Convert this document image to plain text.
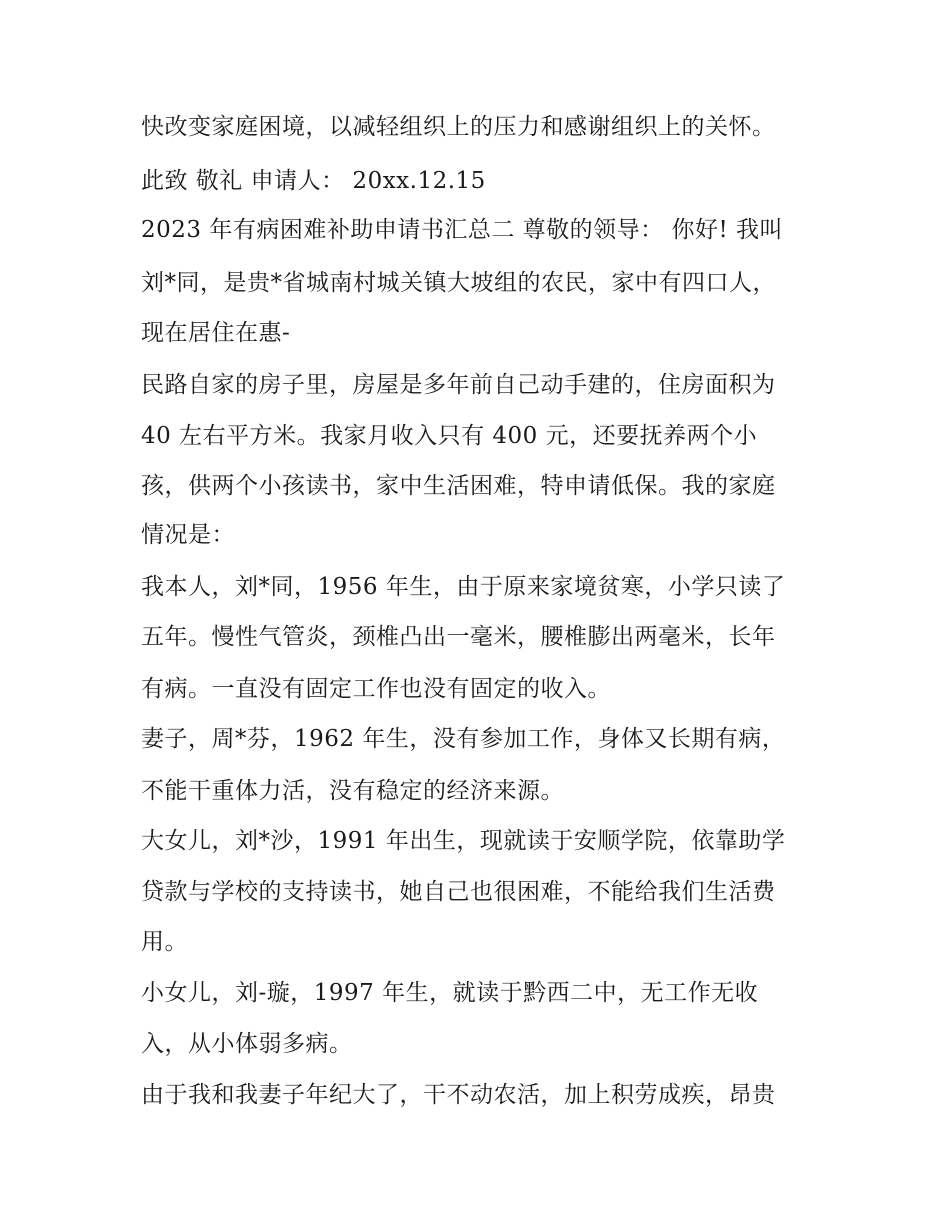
快改变家庭困境，以减轻组织上的压力和感谢组织上的关怀。
此致 敬礼 申请人： 20xx.12.15
2023 年有病困难补助申请书汇总二 尊敬的领导： 你好! 我叫
刘*同，是贵*省城南村城关镇大坡组的农民，家中有四口人，
现在居住在惠-
民路自家的房子里，房屋是多年前自己动手建的，住房面积为
40 左右平方米。我家月收入只有 400 元，还要抚养两个小
孩，供两个小孩读书，家中生活困难，特申请低保。我的家庭
情况是：
我本人，刘*同，1956 年生，由于原来家境贫寒，小学只读了
五年。慢性气管炎，颈椎凸出一毫米，腰椎膨出两毫米，长年
有病。一直没有固定工作也没有固定的收入。
妻子，周*芬，1962 年生，没有参加工作，身体又长期有病，
不能干重体力活，没有稳定的经济来源。
大女儿，刘*沙，1991 年出生，现就读于安顺学院，依靠助学
贷款与学校的支持读书，她自己也很困难，不能给我们生活费
用。
小女儿，刘-璇，1997 年生，就读于黔西二中，无工作无收
入，从小体弱多病。
由于我和我妻子年纪大了，干不动农活，加上积劳成疾，昂贵
